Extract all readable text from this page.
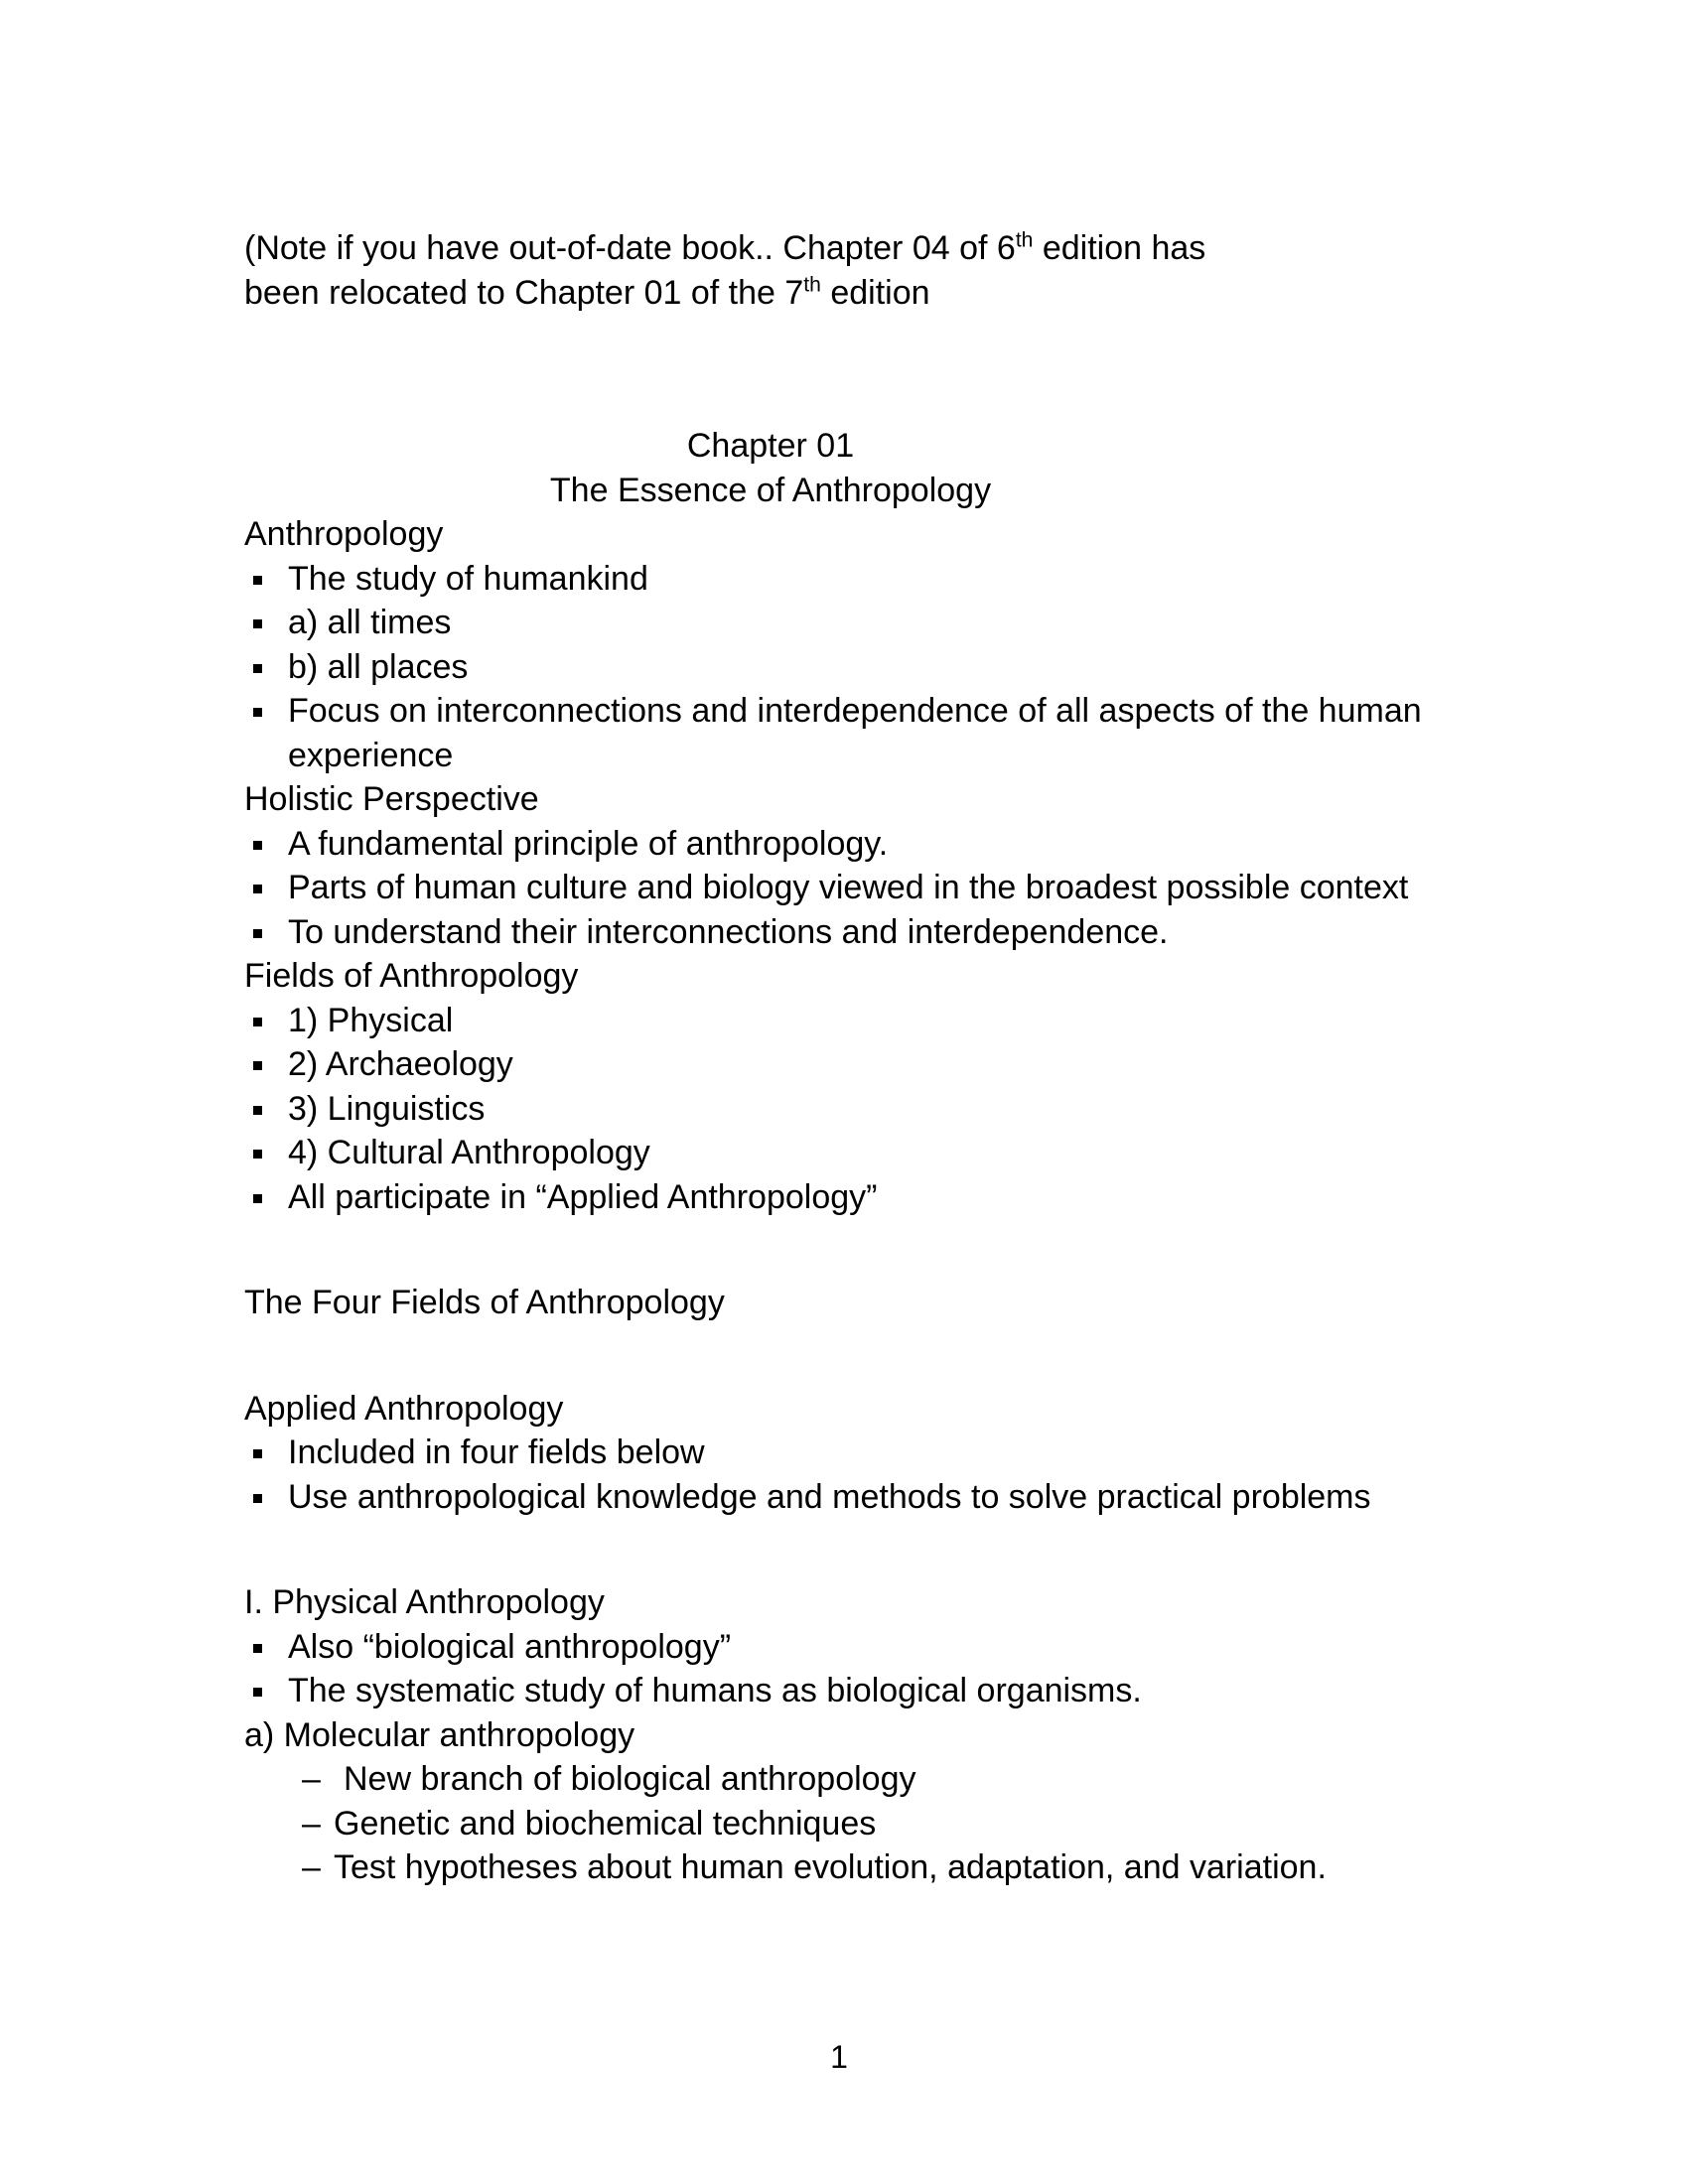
(Note if you have out-of-date book.. Chapter 04 of 6th edition has
been relocated to Chapter 01 of the 7th edition

Chapter 01
The Essence of Anthropology
Anthropology
The study of humankind
a) all times
b) all places
Focus on interconnections and interdependence of all aspects of the human experience
Holistic Perspective
A fundamental principle of anthropology.
Parts of human culture and biology viewed in the broadest possible context
To understand their interconnections and interdependence.
Fields of Anthropology
1) Physical
2) Archaeology
3) Linguistics
4) Cultural Anthropology
All participate in “Applied Anthropology”
The Four Fields of Anthropology
Applied Anthropology
Included in four fields below
Use anthropological knowledge and methods to solve practical problems
I. Physical Anthropology
Also “biological anthropology”
The systematic study of humans as biological organisms.
a) Molecular anthropology
– New branch of biological anthropology
– Genetic and biochemical techniques
– Test hypotheses about human evolution, adaptation, and variation.
1
